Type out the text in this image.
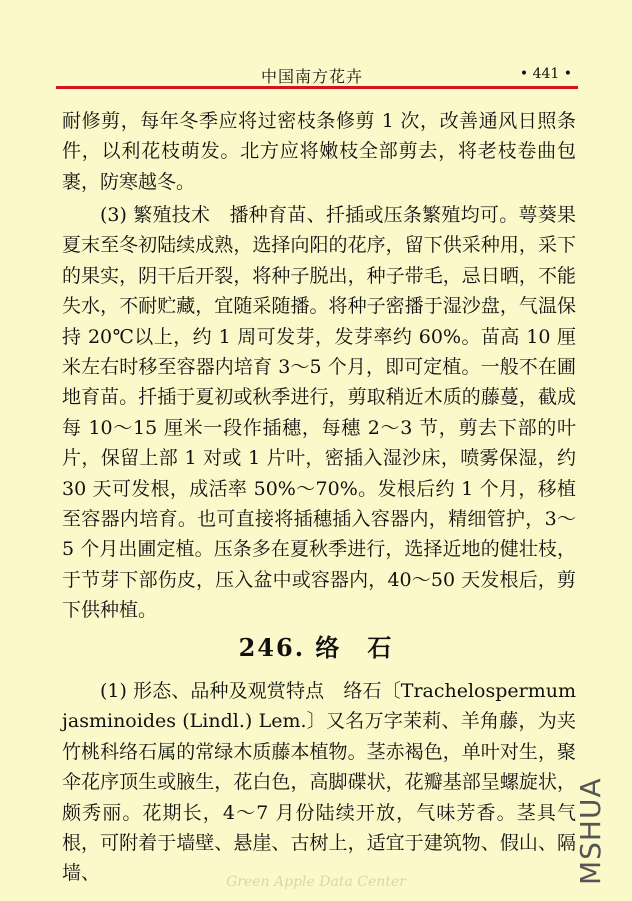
中国南方花卉	• 441 •

耐修剪，每年冬季应将过密枝条修剪 1 次，改善通风日照条件，以利花枝萌发。北方应将嫩枝全部剪去，将老枝卷曲包裹，防寒越冬。

(3) 繁殖技术　播种育苗、扦插或压条繁殖均可。萼葵果夏末至冬初陆续成熟，选择向阳的花序，留下供采种用，采下的果实，阴干后开裂，将种子脱出，种子带毛，忌日晒，不能失水，不耐贮藏，宜随采随播。将种子密播于湿沙盘，气温保持 20℃以上，约 1 周可发芽，发芽率约 60%。苗高 10 厘米左右时移至容器内培育 3～5 个月，即可定植。一般不在圃地育苗。扦插于夏初或秋季进行，剪取稍近木质的藤蔓，截成每 10～15 厘米一段作插穗，每穗 2～3 节，剪去下部的叶片，保留上部 1 对或 1 片叶，密插入湿沙床，喷雾保湿，约 30 天可发根，成活率 50%～70%。发根后约 1 个月，移植至容器内培育。也可直接将插穗插入容器内，精细管护，3～5 个月出圃定植。压条多在夏秋季进行，选择近地的健壮枝，于节芽下部伤皮，压入盆中或容器内，40～50 天发根后，剪下供种植。

246. 络　石

(1) 形态、品种及观赏特点　络石〔Trachelospermum jasminoides (Lindl.) Lem.〕又名万字茉莉、羊角藤，为夹竹桃科络石属的常绿木质藤本植物。茎赤褐色，单叶对生，聚伞花序顶生或腋生，花白色，高脚碟状，花瓣基部呈螺旋状，颇秀丽。花期长，4～7 月份陆续开放，气味芳香。茎具气根，可附着于墙壁、悬崖、古树上，适宜于建筑物、假山、隔墙、	MSHUA
Green Apple Data Center
